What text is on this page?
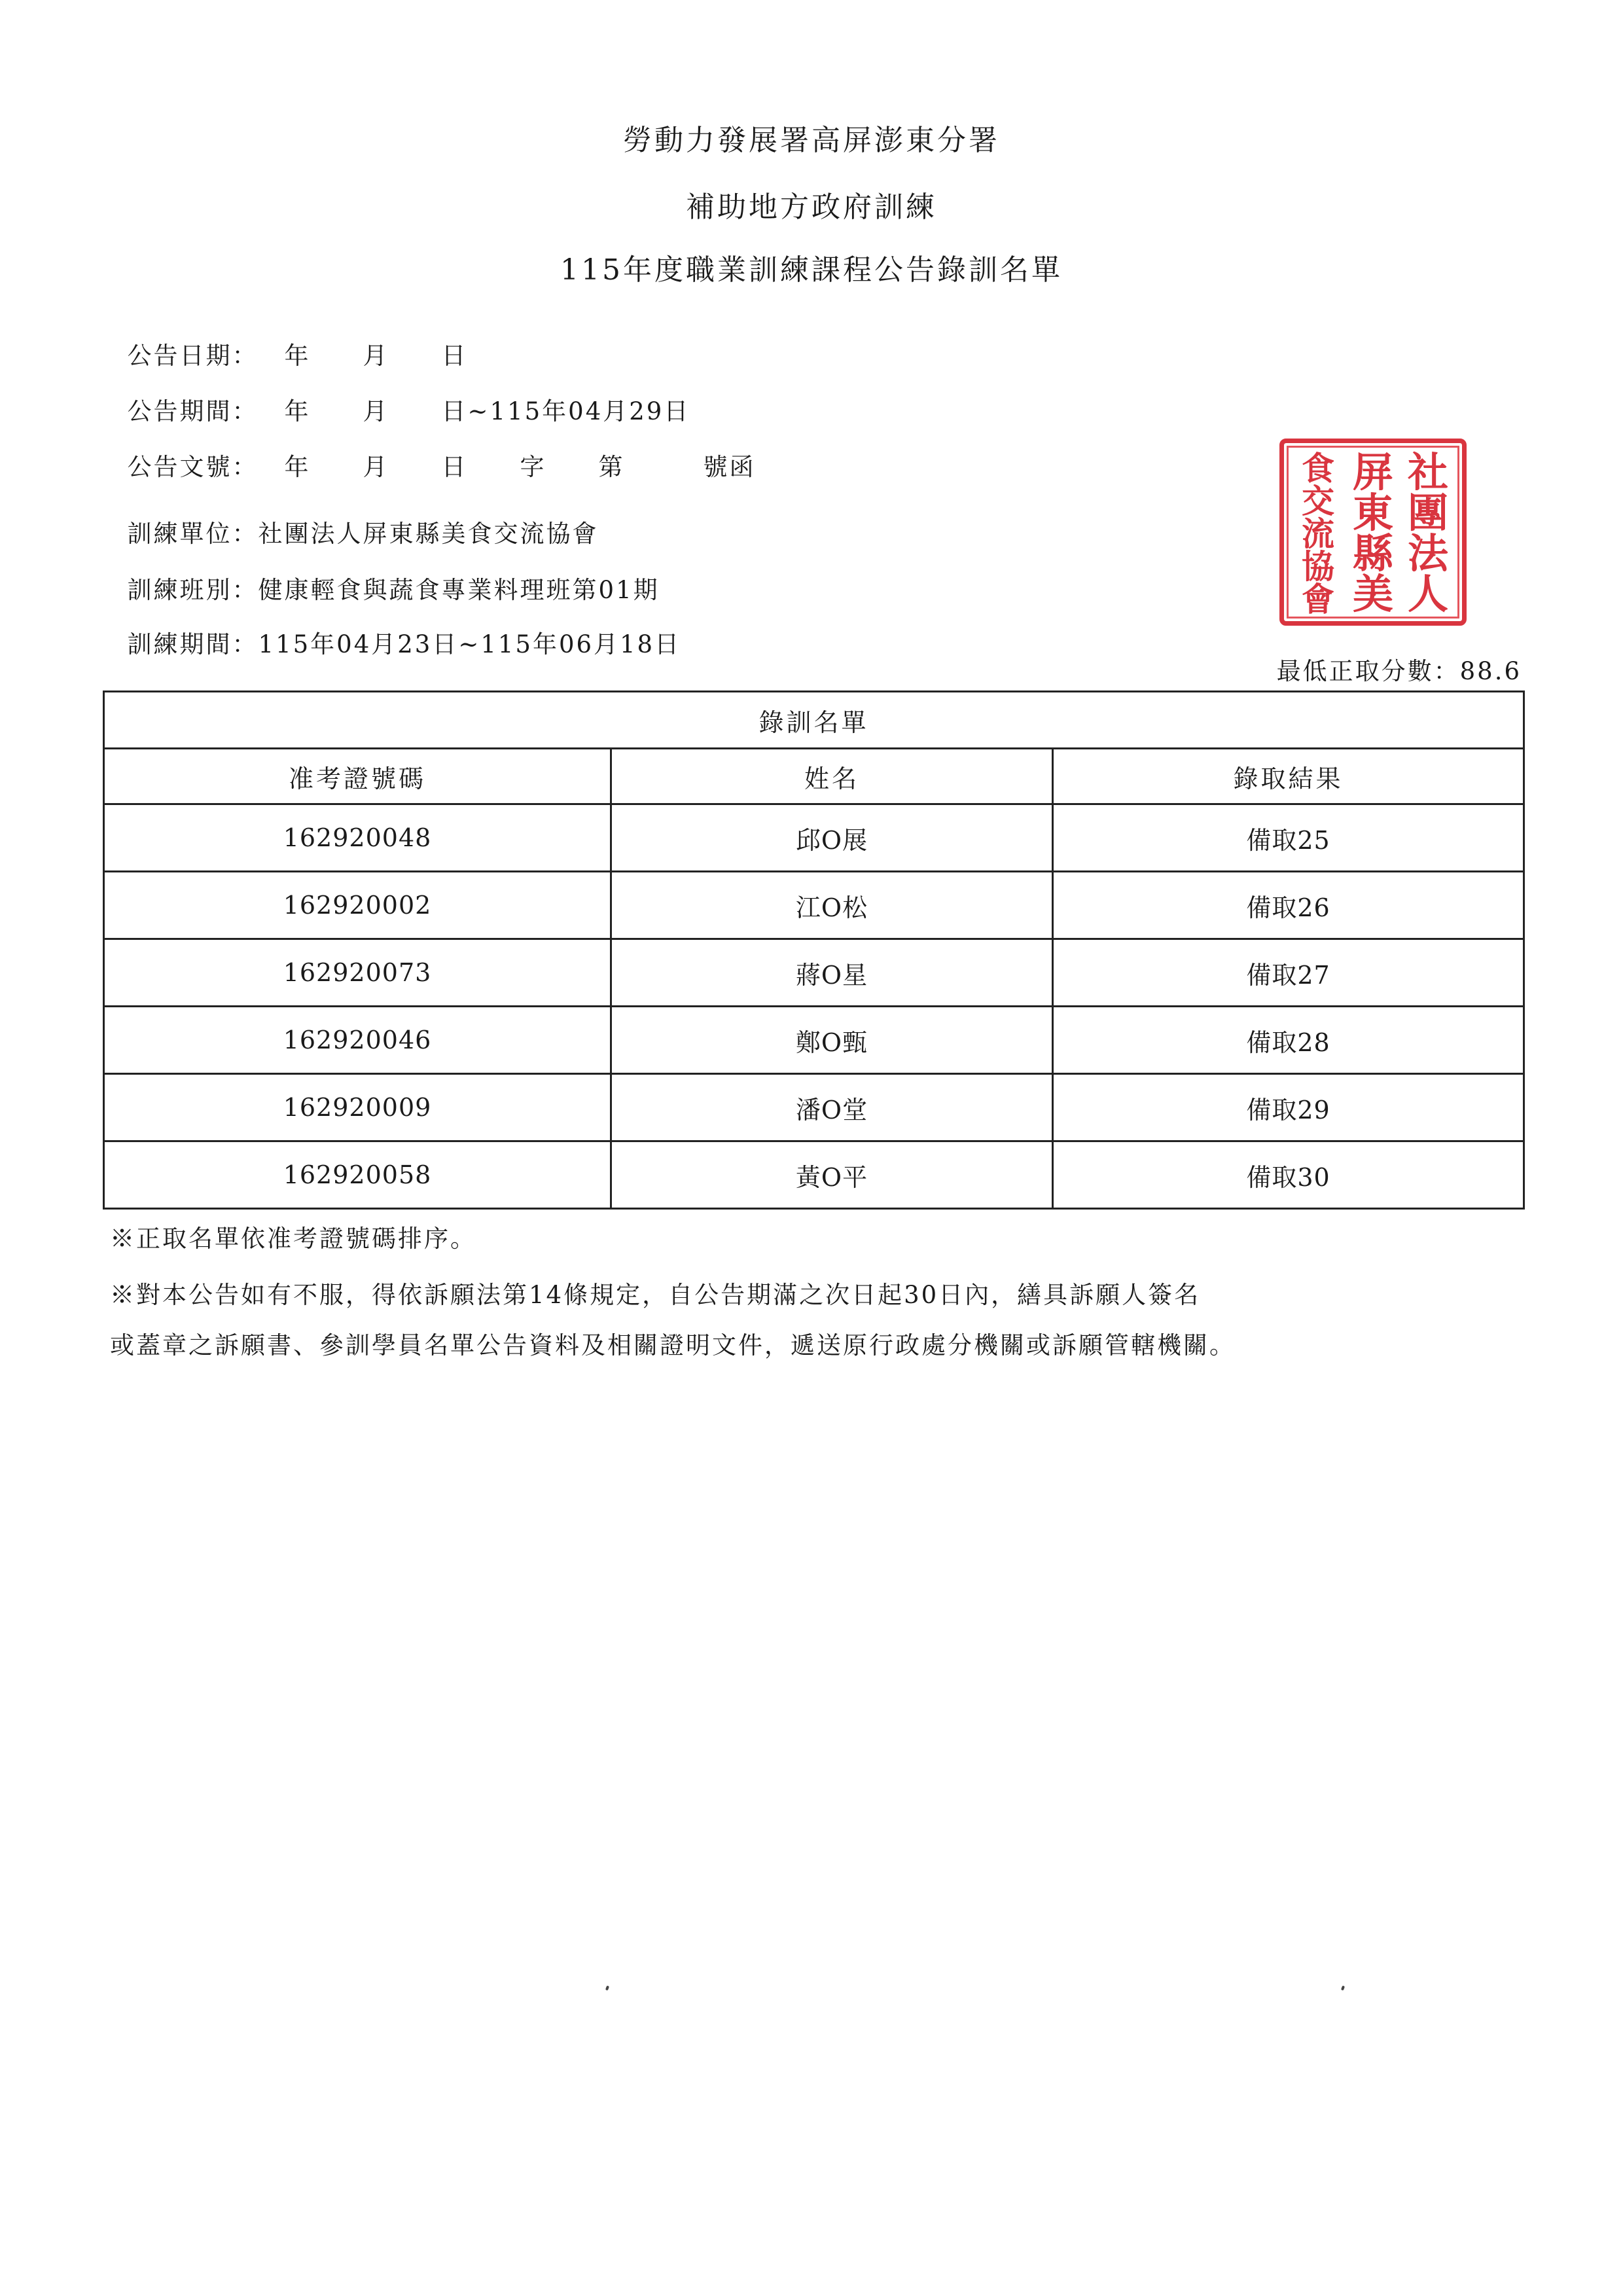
勞動力發展署高屏澎東分署
補助地方政府訓練
115年度職業訓練課程公告錄訓名單

公告日期：　年　　月　　日

公告期間：　年　　月　　日~115年04月29日

公告文號：　年　　月　　日　　字　　第　　　號函

訓練單位：社團法人屏東縣美食交流協會

訓練班別：健康輕食與蔬食專業料理班第01期

訓練期間：115年04月23日~115年06月18日

社
團
法
人
屏
東
縣
美
食
交
流
協
會
最低正取分數：88.6
錄訓名單		
准考證號碼	姓名	錄取結果
162920048	邱O展	備取25
162920002	江O松	備取26
162920073	蔣O星	備取27
162920046	鄭O甄	備取28
162920009	潘O堂	備取29
162920058	黃O平	備取30
※正取名單依准考證號碼排序。
※對本公告如有不服，得依訴願法第14條規定，自公告期滿之次日起30日內，繕具訴願人簽名
或蓋章之訴願書、參訓學員名單公告資料及相關證明文件，遞送原行政處分機關或訴願管轄機關。
